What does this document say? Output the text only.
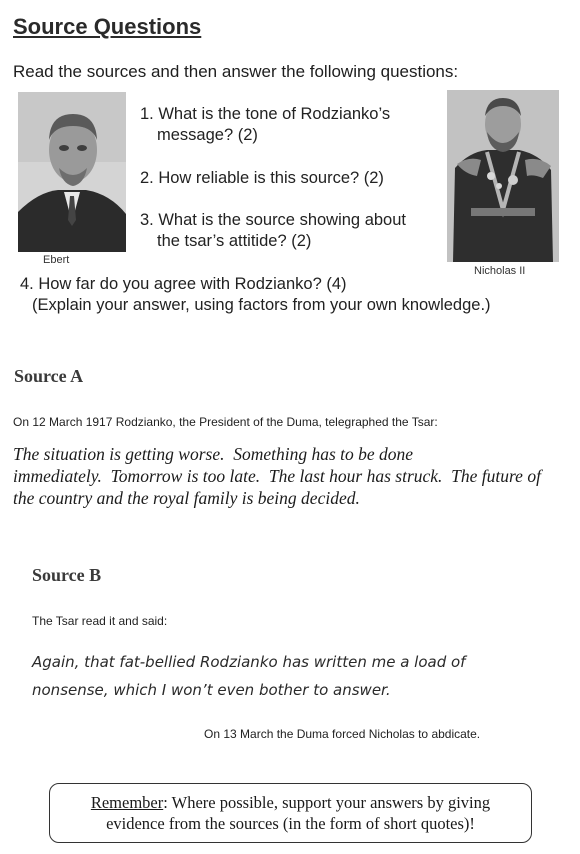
Source Questions
Read the sources and then answer the following questions:
Ebert
Nicholas II
1. What is the tone of Rodzianko’s
message? (2)
2. How reliable is this source? (2)
3. What is the source showing about
the tsar’s attitide? (2)
4. How far do you agree with Rodzianko? (4)
(Explain your answer, using factors from your own knowledge.)
Source A
On 12 March 1917 Rodzianko, the President of the Duma, telegraphed the Tsar:
The situation is getting worse.  Something has to be done
immediately.  Tomorrow is too late.  The last hour has struck.  The future of
the country and the royal family is being decided.
Source B
The Tsar read it and said:
Again, that fat-bellied Rodzianko has written me a load of
nonsense, which I won’t even bother to answer.
On 13 March the Duma forced Nicholas to abdicate.
Remember: Where possible, support your answers by giving
evidence from the sources (in the form of short quotes)!
